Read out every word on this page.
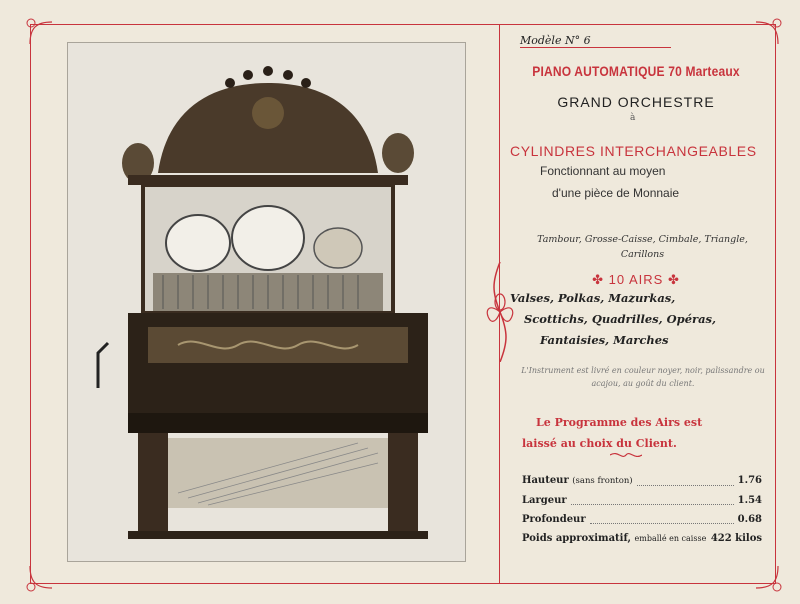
Modèle N° 6
PIANO AUTOMATIQUE 70 Marteaux
GRAND ORCHESTRE
à
CYLINDRES INTERCHANGEABLES
Fonctionnant au moyen
d'une pièce de Monnaie
Tambour, Grosse-Caisse, Cimbale, Triangle, Carillons
✤ 10 AIRS ✤
Valses, Polkas, Mazurkas,
Scottichs, Quadrilles, Opéras,
Fantaisies, Marches
L'Instrument est livré en couleur noyer, noir, palissandre ou acajou, au goût du client.
Le Programme des Airs est
laissé au choix du Client.
Hauteur (sans fronton)	1.76
Largeur	1.54
Profondeur	0.68
Poids approximatif, emballé en caisse 422 kilos
